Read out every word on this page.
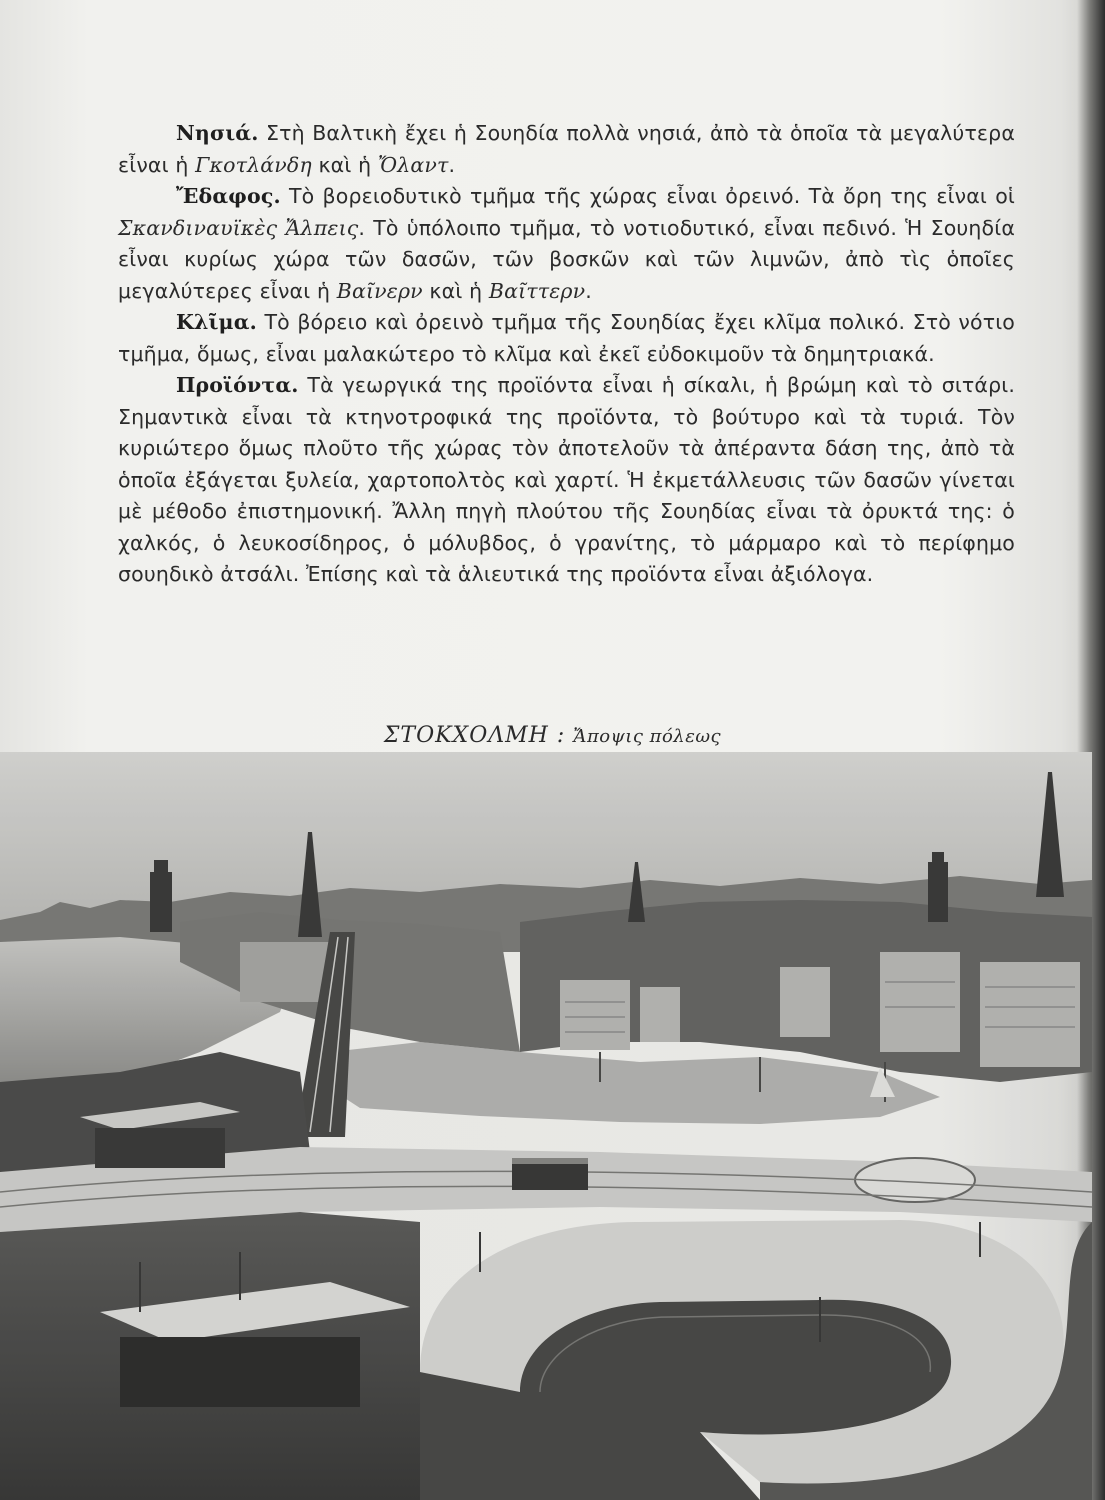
Νησιά. Στὴ Βαλτικὴ ἔχει ἡ Σουηδία πολλὰ νησιά, ἀπὸ τὰ ὁποῖα τὰ μεγαλύτερα εἶναι ἡ Γκοτλάνδη καὶ ἡ Ὄλαντ.

Ἔδαφος. Τὸ βορειοδυτικὸ τμῆμα τῆς χώρας εἶναι ὀρεινό. Τὰ ὄρη της εἶναι οἱ Σκανδιναυϊκὲς Ἄλπεις. Τὸ ὑπόλοιπο τμῆμα, τὸ νοτιοδυτικό, εἶναι πεδινό. Ἡ Σουηδία εἶναι κυρίως χώρα τῶν δασῶν, τῶν βοσκῶν καὶ τῶν λιμνῶν, ἀπὸ τὶς ὁποῖες μεγαλύτερες εἶναι ἡ Βαῖνερν καὶ ἡ Βαῖττερν.

Κλῖμα. Τὸ βόρειο καὶ ὀρεινὸ τμῆμα τῆς Σουηδίας ἔχει κλῖμα πολικό. Στὸ νότιο τμῆμα, ὅμως, εἶναι μαλακώτερο τὸ κλῖμα καὶ ἐκεῖ εὐδοκιμοῦν τὰ δημητριακά.

Προϊόντα. Τὰ γεωργικά της προϊόντα εἶναι ἡ σίκαλι, ἡ βρώμη καὶ τὸ σιτάρι. Σημαντικὰ εἶναι τὰ κτηνοτροφικά της προϊόντα, τὸ βούτυρο καὶ τὰ τυριά. Τὸν κυριώτερο ὅμως πλοῦτο τῆς χώρας τὸν ἀποτελοῦν τὰ ἀπέραντα δάση της, ἀπὸ τὰ ὁποῖα ἐξάγεται ξυλεία, χαρτοπολτὸς καὶ χαρτί. Ἡ ἐκμετάλλευσις τῶν δασῶν γίνεται μὲ μέθοδο ἐπιστημονική. Ἄλλη πηγὴ πλούτου τῆς Σουηδίας εἶναι τὰ ὀρυκτά της: ὁ χαλκός, ὁ λευκοσίδηρος, ὁ μόλυβδος, ὁ γρανίτης, τὸ μάρμαρο καὶ τὸ περίφημο σουηδικὸ ἀτσάλι. Ἐπίσης καὶ τὰ ἁλιευτικά της προϊόντα εἶναι ἀξιόλογα.

ΣΤΟΚΧΟΛΜΗ : Ἄποψις πόλεως
